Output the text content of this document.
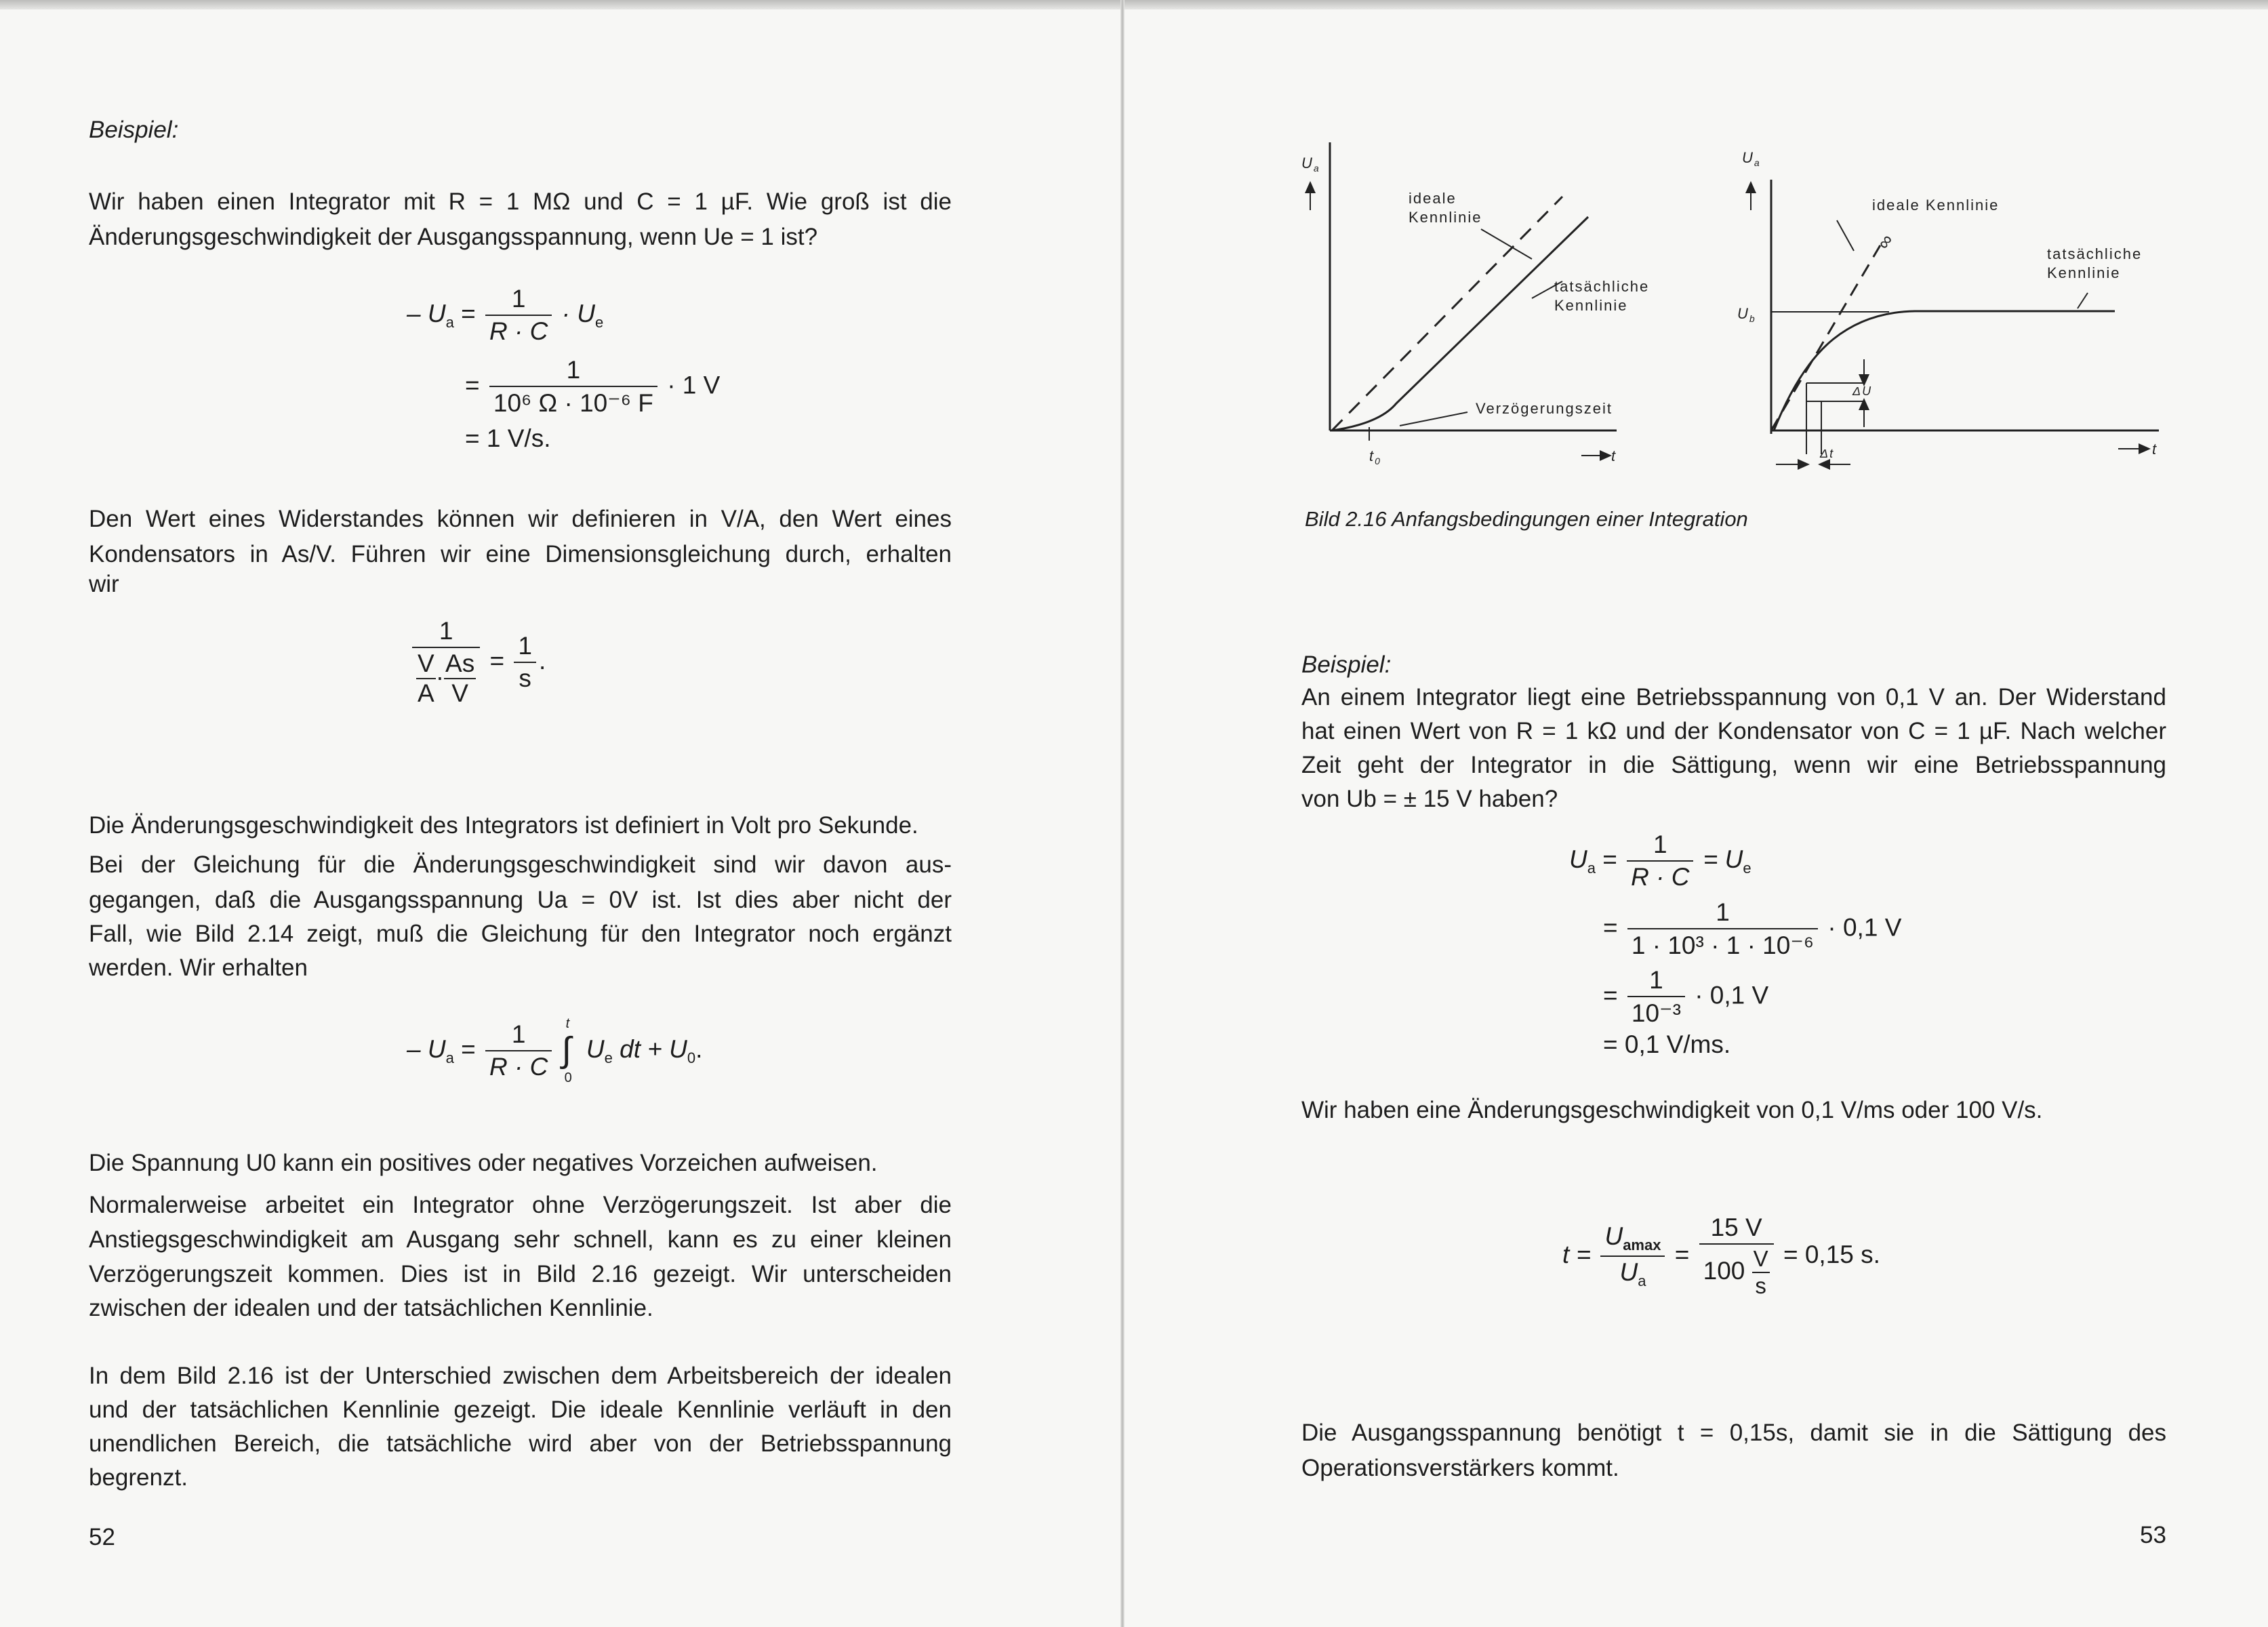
Beispiel:

Wir haben einen Integrator mit R = 1 MΩ und C = 1 µF. Wie groß ist die

Änderungsgeschwindigkeit der Ausgangsspannung, wenn Ue = 1 ist?

– $U_a = \frac{1}{R \cdot C} \cdot U_e$
= $\frac{1}{\text{10⁶ Ω · 10⁻⁶ F}} \cdot 1$ V
= 1 V/s.

Den Wert eines Widerstandes können wir definieren in V/A, den Wert eines

Kondensators in As/V. Führen wir eine Dimensionsgleichung durch, erhalten

wir

$\frac{1}{\frac{V}{A} \cdot \frac{As}{V}} = \frac{1}{s}$ .

Die Änderungsgeschwindigkeit des Integrators ist definiert in Volt pro Sekunde.

Bei der Gleichung für die Änderungsgeschwindigkeit sind wir davon aus-

gegangen, daß die Ausgangsspannung Ua = 0V ist. Ist dies aber nicht der

Fall, wie Bild 2.14 zeigt, muß die Gleichung für den Integrator noch ergänzt

werden. Wir erhalten

– $U_a = \frac{1}{R \cdot C}$
t
∫
0
$U_e$ dt + $U_0$.

Die Spannung U0 kann ein positives oder negatives Vorzeichen aufweisen.

Normalerweise arbeitet ein Integrator ohne Verzögerungszeit. Ist aber die

Anstiegsgeschwindigkeit am Ausgang sehr schnell, kann es zu einer kleinen

Verzögerungszeit kommen. Dies ist in Bild 2.16 gezeigt. Wir unterscheiden

zwischen der idealen und der tatsächlichen Kennlinie.

In dem Bild 2.16 ist der Unterschied zwischen dem Arbeitsbereich der idealen

und der tatsächlichen Kennlinie gezeigt. Die ideale Kennlinie verläuft in den

unendlichen Bereich, die tatsächliche wird aber von der Betriebsspannung

begrenzt.

52
$U_a$
ideale
Kennlinie
tatsächliche
Kennlinie
Verzögerungszeit
$t_0$	t
$U_a$
ideale Kennlinie
∞
tatsächliche
Kennlinie
$U_b$
ΔU
Δt	t

Bild 2.16 Anfangsbedingungen einer Integration

Beispiel:

An einem Integrator liegt eine Betriebsspannung von 0,1 V an. Der Widerstand

hat einen Wert von R = 1 kΩ und der Kondensator von C = 1 µF. Nach welcher

Zeit geht der Integrator in die Sättigung, wenn wir eine Betriebsspannung

von Ub = ± 15 V haben?

$U_a = \frac{1}{R \cdot C} = U_e$
= $\frac{1}{\text{1 · 10³ · 1 · 10⁻⁶}} \cdot 0,1$ V
= $\frac{1}{\text{10⁻³}} \cdot 0,1$ V
= 0,1 V/ms.

Wir haben eine Änderungsgeschwindigkeit von 0,1 V/ms oder 100 V/s.

$t = \frac{U_{amax}}{U_a} = \frac{15 V}{100 \frac{V}{s}} = 0,15$ s.

Die Ausgangsspannung benötigt t = 0,15s, damit sie in die Sättigung des

Operationsverstärkers kommt.

53
